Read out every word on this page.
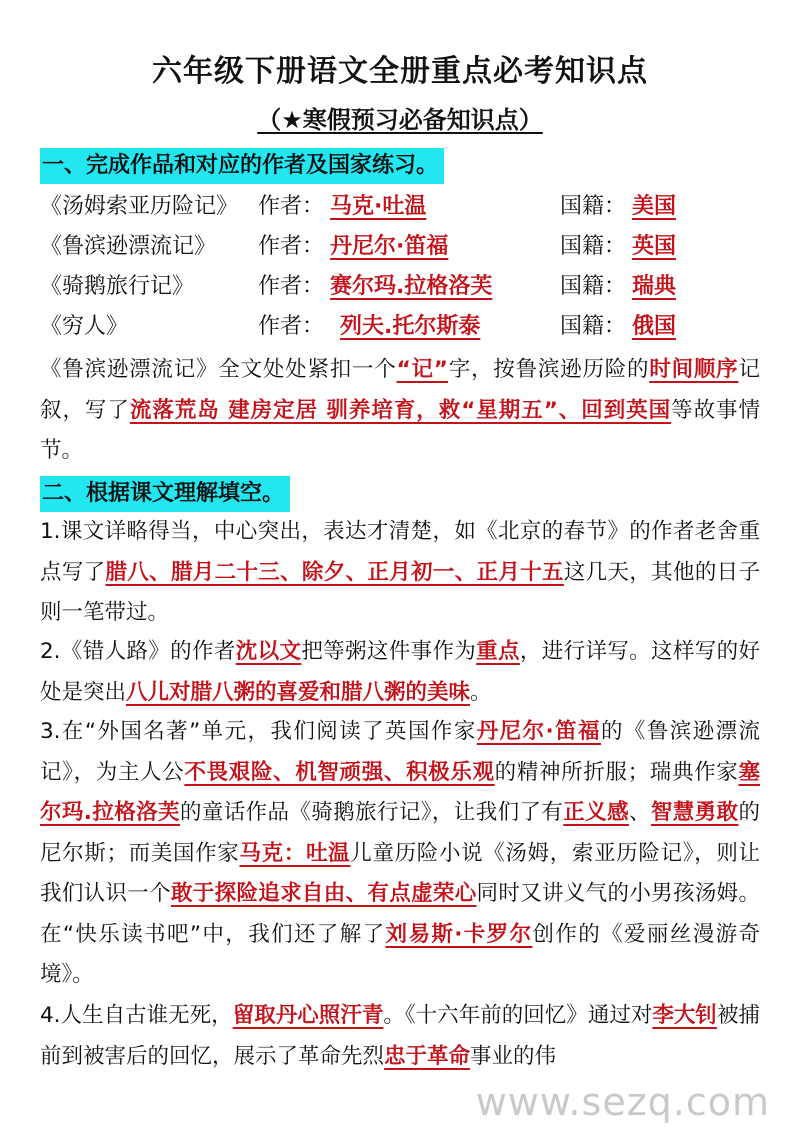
六年级下册语文全册重点必考知识点
（★寒假预习必备知识点）
一、完成作品和对应的作者及国家练习。
《汤姆索亚历险记》 作者： 马克·吐温	国籍： 美国
《鲁滨逊漂流记》 作者： 丹尼尔·笛福	国籍： 英国
《骑鹅旅行记》	作者： 赛尔玛.拉格洛芙	国籍： 瑞典
《穷人》	作者： 列夫.托尔斯泰	国籍： 俄国
《鲁滨逊漂流记》全文处处紧扣一个“记”字，按鲁滨逊历险的时间顺序记叙，写了流落荒岛 建房定居 驯养培育，救“星期五”、回到英国等故事情节。
二、根据课文理解填空。
1.课文详略得当，中心突出，表达才清楚，如《北京的春节》的作者老舍重点写了腊八、腊月二十三、除夕、正月初一、正月十五这几天，其他的日子则一笔带过。
2.《错人路》的作者沈以文把等粥这件事作为重点，进行详写。这样写的好处是突出八儿对腊八粥的喜爱和腊八粥的美味。
3.在“外国名著”单元，我们阅读了英国作家丹尼尔·笛福的《鲁滨逊漂流记》，为主人公不畏艰险、机智顽强、积极乐观的精神所折服；瑞典作家塞尔玛.拉格洛芙的童话作品《骑鹅旅行记》，让我们了有正义感、智慧勇敢的尼尔斯；而美国作家马克：吐温儿童历险小说《汤姆，索亚历险记》，则让我们认识一个敢于探险追求自由、有点虚荣心同时又讲义气的小男孩汤姆。在“快乐读书吧”中，我们还了解了刘易斯·卡罗尔创作的《爱丽丝漫游奇境》。
4.人生自古谁无死，留取丹心照汗青。《十六年前的回忆》通过对李大钊被捕前到被害后的回忆，展示了革命先烈忠于革命事业的伟
www.sezq.com
